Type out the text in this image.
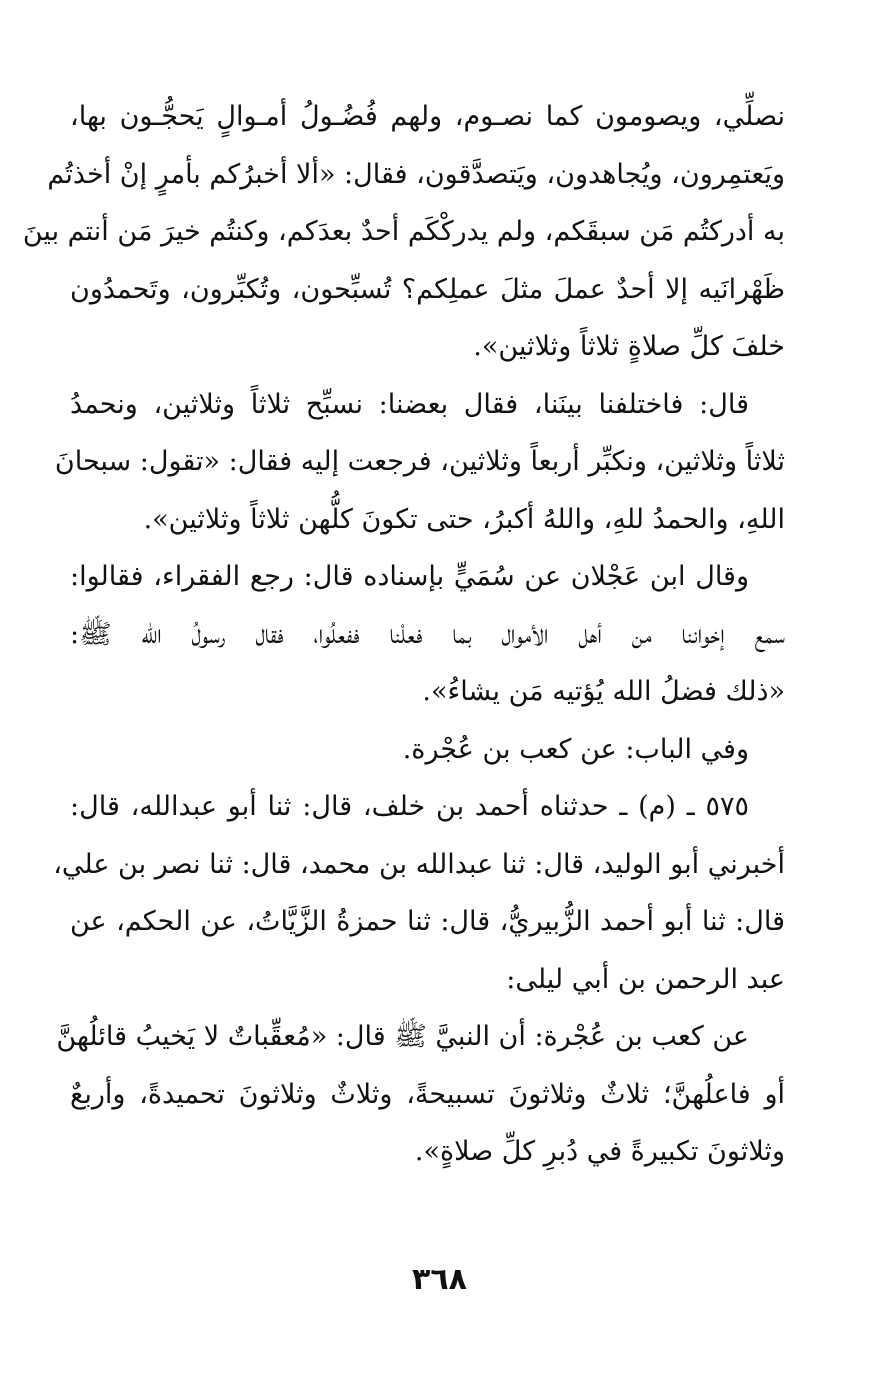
نصلِّي، ويصومون كما نصـوم، ولهم فُضُـولُ أمـوالٍ يَحجُّـون بها،
ويَعتمِرون، ويُجاهدون، ويَتصدَّقون، فقال: «ألا أخبرُكم بأمرٍ إنْ أخذتُم
به أدركتُم مَن سبقَكم، ولم يدركْكَم أحدٌ بعدَكم، وكنتُم خيرَ مَن أنتم بينَ
ظَهْرانَيه إلا أحدٌ عملَ مثلَ عملِكم؟ تُسبِّحون، وتُكبِّرون، وتَحمدُون
خلفَ كلِّ صلاةٍ ثلاثاً وثلاثين».
قال: فاختلفنا بينَنا، فقال بعضنا: نسبِّح ثلاثاً وثلاثين، ونحمدُ
ثلاثاً وثلاثين، ونكبِّر أربعاً وثلاثين، فرجعت إليه فقال: «تقول: سبحانَ
اللهِ، والحمدُ للهِ، واللهُ أكبرُ، حتى تكونَ كلُّهن ثلاثاً وثلاثين».
وقال ابن عَجْلان عن سُمَيٍّ بإسناده قال: رجع الفقراء، فقالوا:
سمع إخواننا من أهل الأموال بما فعلْنا ففعلُوا، فقال رسولُ الله ﷺ:
«ذلك فضلُ الله يُؤتيه مَن يشاءُ».
وفي الباب: عن كعب بن عُجْرة.
٥٧٥ ـ (م) ـ حدثناه أحمد بن خلف، قال: ثنا أبو عبدالله، قال:
أخبرني أبو الوليد، قال: ثنا عبدالله بن محمد، قال: ثنا نصر بن علي،
قال: ثنا أبو أحمد الزُّبيريُّ، قال: ثنا حمزةُ الزَّيَّاتُ، عن الحكم، عن
عبد الرحمن بن أبي ليلى:
عن كعب بن عُجْرة: أن النبيَّ ﷺ قال: «مُعقِّباتٌ لا يَخيبُ قائلُهنَّ
أو فاعلُهنَّ؛ ثلاثٌ وثلاثونَ تسبيحةً، وثلاثٌ وثلاثونَ تحميدةً، وأربعٌ
وثلاثونَ تكبيرةً في دُبرِ كلِّ صلاةٍ».
٣٦٨
